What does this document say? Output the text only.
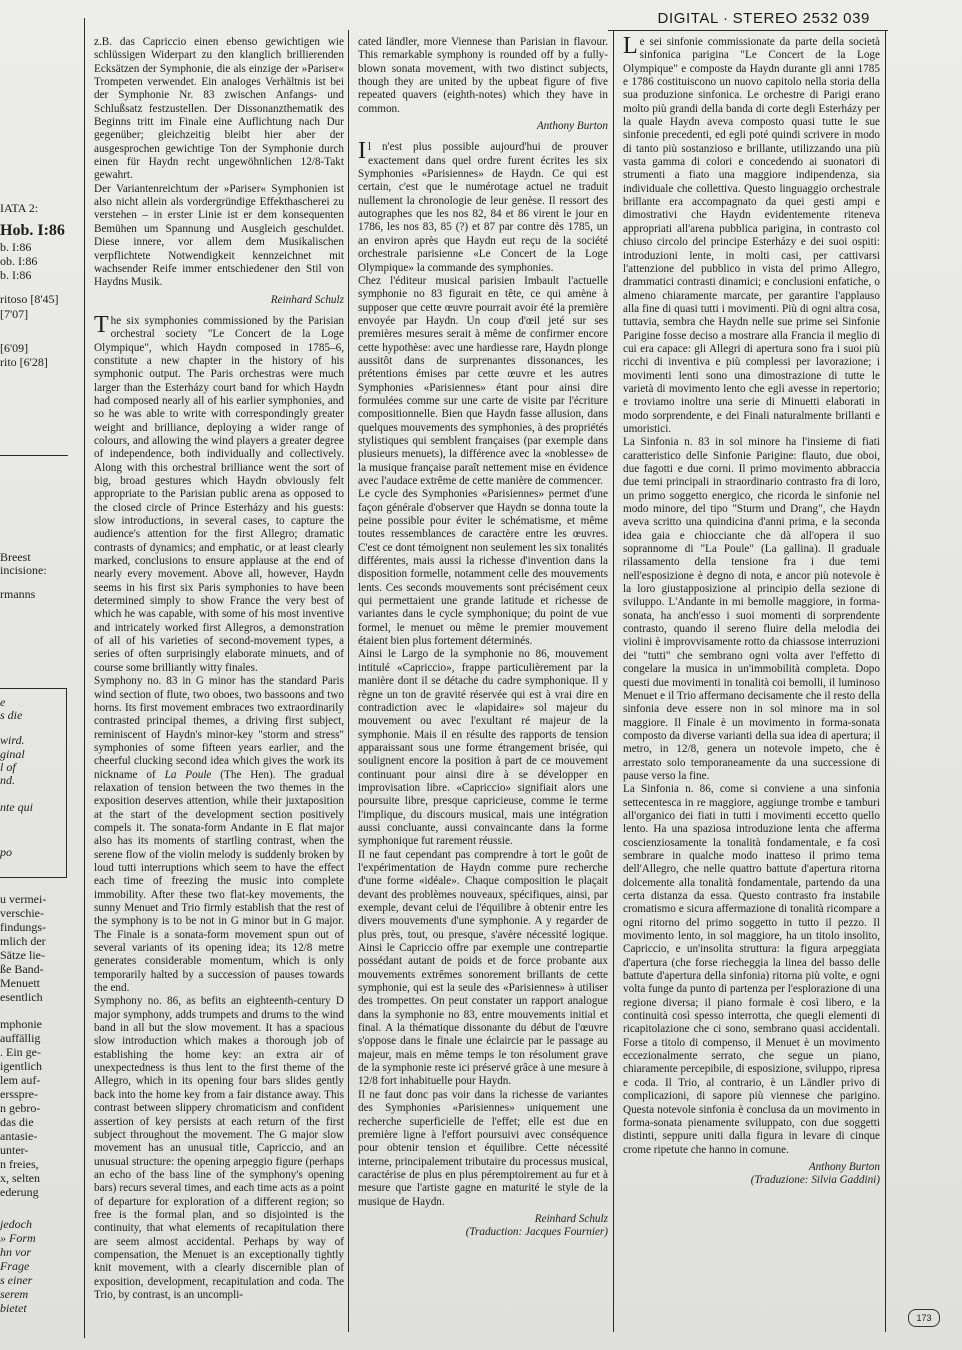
DIGITAL · STEREO 2532 039
IATA 2:
Hob. I:86
b. I:86
ob. I:86
b. I:86
ritoso [8'45]
[7'07]
[6'09]
rito [6'28]
Breest
incisione:
rmanns
e
s die
wird.
ginal
l of
nd.
nte qui
po
u vermei-
verschie-
findungs-
mlich der
Sätze lie-
ße Band-
Menuett
esentlich
mphonie
auffällig
. Ein ge-
igentlich
lem auf-
ersspre-
n gebro-
das die
antasie-
unter-
n freies,
x, selten
ederung
jedoch
» Form
hn vor
Frage
s einer
serem
bietet

z.B. das Capriccio einen ebenso gewichtigen wie schlüssigen Widerpart zu den klanglich brillierenden Ecksätzen der Symphonie, die als einzige der »Pariser« Trompeten verwendet. Ein analoges Verhältnis ist bei der Symphonie Nr. 83 zwischen Anfangs- und Schlußsatz festzustellen. Der Dissonanzthematik des Beginns tritt im Finale eine Auflichtung nach Dur gegenüber; gleichzeitig bleibt hier aber der ausgesprochen gewichtige Ton der Symphonie durch einen für Haydn recht ungewöhnlichen 12/8-Takt gewahrt.

Der Variantenreichtum der »Pariser« Symphonien ist also nicht allein als vordergründige Effekthascherei zu verstehen – in erster Linie ist er dem konsequenten Bemühen um Spannung und Ausgleich geschuldet. Diese innere, vor allem dem Musikalischen verpflichtete Notwendigkeit kennzeichnet mit wachsender Reife immer entschiedener den Stil von Haydns Musik.

Reinhard Schulz

The six symphonies commissioned by the Parisian orchestral society "Le Concert de la Loge Olympique", which Haydn composed in 1785–6, constitute a new chapter in the history of his symphonic output. The Paris orchestras were much larger than the Esterházy court band for which Haydn had composed nearly all of his earlier symphonies, and so he was able to write with correspondingly greater weight and brilliance, deploying a wider range of colours, and allowing the wind players a greater degree of independence, both individually and collectively. Along with this orchestral brilliance went the sort of big, broad gestures which Haydn obviously felt appropriate to the Parisian public arena as opposed to the closed circle of Prince Esterházy and his guests: slow introductions, in several cases, to capture the audience's attention for the first Allegro; dramatic contrasts of dynamics; and emphatic, or at least clearly marked, conclusions to ensure applause at the end of nearly every movement. Above all, however, Haydn seems in his first six Paris symphonies to have been determined simply to show France the very best of which he was capable, with some of his most inventive and intricately worked first Allegros, a demonstration of all of his varieties of second-movement types, a series of often surprisingly elaborate minuets, and of course some brilliantly witty finales.

Symphony no. 83 in G minor has the standard Paris wind section of flute, two oboes, two bassoons and two horns. Its first movement embraces two extraordinarily contrasted principal themes, a driving first subject, reminiscent of Haydn's minor-key "storm and stress" symphonies of some fifteen years earlier, and the cheerful clucking second idea which gives the work its nickname of La Poule (The Hen). The gradual relaxation of tension between the two themes in the exposition deserves attention, while their juxtaposition at the start of the development section positively compels it. The sonata-form Andante in E flat major also has its moments of startling contrast, when the serene flow of the violin melody is suddenly broken by loud tutti interruptions which seem to have the effect each time of freezing the music into complete immobility. After these two flat-key movements, the sunny Menuet and Trio firmly establish that the rest of the symphony is to be not in G minor but in G major. The Finale is a sonata-form movement spun out of several variants of its opening idea; its 12/8 metre generates considerable momentum, which is only temporarily halted by a succession of pauses towards the end.

Symphony no. 86, as befits an eighteenth-century D major symphony, adds trumpets and drums to the wind band in all but the slow movement. It has a spacious slow introduction which makes a thorough job of establishing the home key: an extra air of unexpectedness is thus lent to the first theme of the Allegro, which in its opening four bars slides gently back into the home key from a fair distance away. This contrast between slippery chromaticism and confident assertion of key persists at each return of the first subject throughout the movement. The G major slow movement has an unusual title, Capriccio, and an unusual structure: the opening arpeggio figure (perhaps an echo of the bass line of the symphony's opening bars) recurs several times, and each time acts as a point of departure for exploration of a different region; so free is the formal plan, and so disjointed is the continuity, that what elements of recapitulation there are seem almost accidental. Perhaps by way of compensation, the Menuet is an exceptionally tightly knit movement, with a clearly discernible plan of exposition, development, recapitulation and coda. The Trio, by contrast, is an uncompli-

cated ländler, more Viennese than Parisian in flavour. This remarkable symphony is rounded off by a fully-blown sonata movement, with two distinct subjects, though they are united by the upbeat figure of five repeated quavers (eighth-notes) which they have in common.

Anthony Burton

Il n'est plus possible aujourd'hui de prouver exactement dans quel ordre furent écrites les six Symphonies «Parisiennes» de Haydn. Ce qui est certain, c'est que le numérotage actuel ne traduit nullement la chronologie de leur genèse. Il ressort des autographes que les nos 82, 84 et 86 virent le jour en 1786, les nos 83, 85 (?) et 87 par contre dès 1785, un an environ après que Haydn eut reçu de la société orchestrale parisienne «Le Concert de la Loge Olympique» la commande des symphonies.

Chez l'éditeur musical parisien Imbault l'actuelle symphonie no 83 figurait en tête, ce qui amène à supposer que cette œuvre pourrait avoir été la première envoyée par Haydn. Un coup d'œil jeté sur ses premières mesures serait à même de confirmer encore cette hypothèse: avec une hardiesse rare, Haydn plonge aussitôt dans de surprenantes dissonances, les prétentions émises par cette œuvre et les autres Symphonies «Parisiennes» étant pour ainsi dire formulées comme sur une carte de visite par l'écriture compositionnelle. Bien que Haydn fasse allusion, dans quelques mouvements des symphonies, à des propriétés stylistiques qui semblent françaises (par exemple dans plusieurs menuets), la différence avec la «noblesse» de la musique française paraît nettement mise en évidence avec l'audace extrême de cette manière de commencer.

Le cycle des Symphonies «Parisiennes» permet d'une façon générale d'observer que Haydn se donna toute la peine possible pour éviter le schématisme, et même toutes ressemblances de caractère entre les œuvres. C'est ce dont témoignent non seulement les six tonalités différentes, mais aussi la richesse d'invention dans la disposition formelle, notamment celle des mouvements lents. Ces seconds mouvements sont précisément ceux qui permettaient une grande latitude et richesse de variantes dans le cycle symphonique; du point de vue formel, le menuet ou même le premier mouvement étaient bien plus fortement déterminés.

Ainsi le Largo de la symphonie no 86, mouvement intitulé «Capriccio», frappe particulièrement par la manière dont il se détache du cadre symphonique. Il y règne un ton de gravité réservée qui est à vrai dire en contradiction avec le «lapidaire» sol majeur du mouvement ou avec l'exultant ré majeur de la symphonie. Mais il en résulte des rapports de tension apparaissant sous une forme étrangement brisée, qui soulignent encore la position à part de ce mouvement continuant pour ainsi dire à se développer en improvisation libre. «Capriccio» signifiait alors une poursuite libre, presque capricieuse, comme le terme l'implique, du discours musical, mais une intégration aussi concluante, aussi convaincante dans la forme symphonique fut rarement réussie.

Il ne faut cependant pas comprendre à tort le goût de l'expérimentation de Haydn comme pure recherche d'une forme «idéale». Chaque composition le plaçait devant des problèmes nouveaux, spécifiques, ainsi, par exemple, devant celui de l'équilibre à obtenir entre les divers mouvements d'une symphonie. A y regarder de plus près, tout, ou presque, s'avère nécessité logique. Ainsi le Capriccio offre par exemple une contrepartie possédant autant de poids et de force probante aux mouvements extrêmes sonorement brillants de cette symphonie, qui est la seule des «Parisiennes» à utiliser des trompettes. On peut constater un rapport analogue dans la symphonie no 83, entre mouvements initial et final. A la thématique dissonante du début de l'œuvre s'oppose dans le finale une éclaircie par le passage au majeur, mais en même temps le ton résolument grave de la symphonie reste ici préservé grâce à une mesure à 12/8 fort inhabituelle pour Haydn.

Il ne faut donc pas voir dans la richesse de variantes des Symphonies «Parisiennes» uniquement une recherche superficielle de l'effet; elle est due en première ligne à l'effort poursuivi avec conséquence pour obtenir tension et équilibre. Cette nécessité interne, principalement tributaire du processus musical, caractérise de plus en plus péremptoirement au fur et à mesure que l'artiste gagne en maturité le style de la musique de Haydn.

Reinhard Schulz
(Traduction: Jacques Fournier)

Le sei sinfonie commissionate da parte della società sinfonica parigina "Le Concert de la Loge Olympique" e composte da Haydn durante gli anni 1785 e 1786 costituiscono un nuovo capitolo nella storia della sua produzione sinfonica. Le orchestre di Parigi erano molto più grandi della banda di corte degli Esterházy per la quale Haydn aveva composto quasi tutte le sue sinfonie precedenti, ed egli poté quindi scrivere in modo di tanto più sostanzioso e brillante, utilizzando una più vasta gamma di colori e concedendo ai suonatori di strumenti a fiato una maggiore indipendenza, sia individuale che collettiva. Questo linguaggio orchestrale brillante era accompagnato da quei gesti ampi e dimostrativi che Haydn evidentemente riteneva appropriati all'arena pubblica parigina, in contrasto col chiuso circolo del principe Esterházy e dei suoi ospiti: introduzioni lente, in molti casi, per cattivarsi l'attenzione del pubblico in vista del primo Allegro, drammatici contrasti dinamici; e conclusioni enfatiche, o almeno chiaramente marcate, per garantire l'applauso alla fine di quasi tutti i movimenti. Più di ogni altra cosa, tuttavia, sembra che Haydn nelle sue prime sei Sinfonie Parigine fosse deciso a mostrare alla Francia il meglio di cui era capace: gli Allegri di apertura sono fra i suoi più ricchi di inventiva e più complessi per lavorazione; i movimenti lenti sono una dimostrazione di tutte le varietà di movimento lento che egli avesse in repertorio; e troviamo inoltre una serie di Minuetti elaborati in modo sorprendente, e dei Finali naturalmente brillanti e umoristici.

La Sinfonia n. 83 in sol minore ha l'insieme di fiati caratteristico delle Sinfonie Parigine: flauto, due oboi, due fagotti e due corni. Il primo movimento abbraccia due temi principali in straordinario contrasto fra di loro, un primo soggetto energico, che ricorda le sinfonie nel modo minore, del tipo "Sturm und Drang", che Haydn aveva scritto una quindicina d'anni prima, e la seconda idea gaia e chiocciante che dà all'opera il suo soprannome di "La Poule" (La gallina). Il graduale rilassamento della tensione fra i due temi nell'esposizione è degno di nota, e ancor più notevole è la loro giustapposizione al principio della sezione di sviluppo. L'Andante in mi bemolle maggiore, in forma-sonata, ha anch'esso i suoi momenti di sorprendente contrasto, quando il sereno fluire della melodia dei violini è improvvisamente rotto da chiassose interruzioni dei "tutti" che sembrano ogni volta aver l'effetto di congelare la musica in un'immobilità completa. Dopo questi due movimenti in tonalità coi bemolli, il luminoso Menuet e il Trio affermano decisamente che il resto della sinfonia deve essere non in sol minore ma in sol maggiore. Il Finale è un movimento in forma-sonata composto da diverse varianti della sua idea di apertura; il metro, in 12/8, genera un notevole impeto, che è arrestato solo temporaneamente da una successione di pause verso la fine.

La Sinfonia n. 86, come si conviene a una sinfonia settecentesca in re maggiore, aggiunge trombe e tamburi all'organico dei fiati in tutti i movimenti eccetto quello lento. Ha una spaziosa introduzione lenta che afferma coscienziosamente la tonalità fondamentale, e fa così sembrare in qualche modo inatteso il primo tema dell'Allegro, che nelle quattro battute d'apertura ritorna dolcemente alla tonalità fondamentale, partendo da una certa distanza da essa. Questo contrasto fra instabile cromatismo e sicura affermazione di tonalità ricompare a ogni ritorno del primo soggetto in tutto il pezzo. Il movimento lento, in sol maggiore, ha un titolo insolito, Capriccio, e un'insolita struttura: la figura arpeggiata d'apertura (che forse riecheggia la linea del basso delle battute d'apertura della sinfonia) ritorna più volte, e ogni volta funge da punto di partenza per l'esplorazione di una regione diversa; il piano formale è così libero, e la continuità così spesso interrotta, che quegli elementi di ricapitolazione che ci sono, sembrano quasi accidentali. Forse a titolo di compenso, il Menuet è un movimento eccezionalmente serrato, che segue un piano, chiaramente percepibile, di esposizione, sviluppo, ripresa e coda. Il Trio, al contrario, è un Ländler privo di complicazioni, di sapore più viennese che parigino. Questa notevole sinfonia è conclusa da un movimento in forma-sonata pienamente sviluppato, con due soggetti distinti, seppure uniti dalla figura in levare di cinque crome ripetute che hanno in comune.

Anthony Burton
(Traduzione: Silvia Gaddini)
173
